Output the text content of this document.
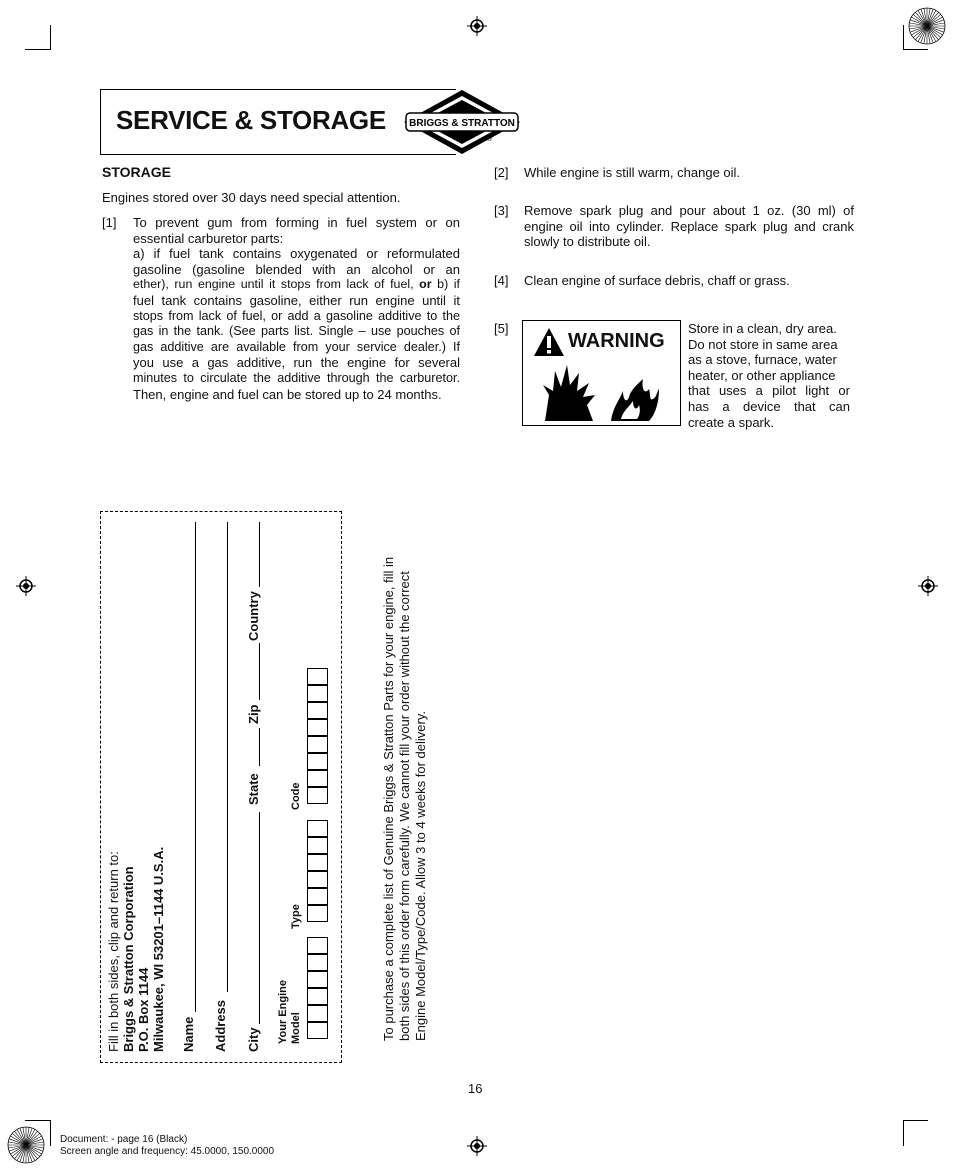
SERVICE & STORAGE BRIGGS & STRATTON
®
STORAGE
Engines stored over 30 days need special attention.
[1] To prevent gum from forming in fuel system or on
essential carburetor parts:
a) if fuel tank contains oxygenated or reformulated
gasoline (gasoline blended with an alcohol or an
ether), run engine until it stops from lack of fuel, or b) if
fuel tank contains gasoline, either run engine until it
stops from lack of fuel, or add a gasoline additive to the
gas in the tank. (See parts list. Single – use pouches of
gas additive are available from your service dealer.) If
you use a gas additive, run the engine for several
minutes to circulate the additive through the carburetor.
Then, engine and fuel can be stored up to 24 months.
[2] While engine is still warm, change oil.
[3] Remove spark plug and pour about 1 oz. (30 ml) of
engine oil into cylinder. Replace spark plug and crank
slowly to distribute oil.
[4] Clean engine of surface debris, chaff or grass.
[5]
WARNING
Store in a clean, dry area.
Do not store in same area
as a stove, furnace, water
heater, or other appliance
that uses a pilot light or
has a device that can
create a spark.
Fill in both sides, clip and return to: Briggs & Stratton Corporation P.O. Box 1144 Milwaukee, WI 53201–1144 U.S.A. Name Address City
State
Zip
Country
Your Engine Model
Type
Code	To purchase a complete list of Genuine Briggs & Stratton Parts for your engine, fill in both sides of this order form carefully. We cannot fill your order without the correct Engine Model/Type/Code. Allow 3 to 4 weeks for delivery.
16
Document: - page 16 (Black)
Screen angle and frequency: 45.0000, 150.0000
